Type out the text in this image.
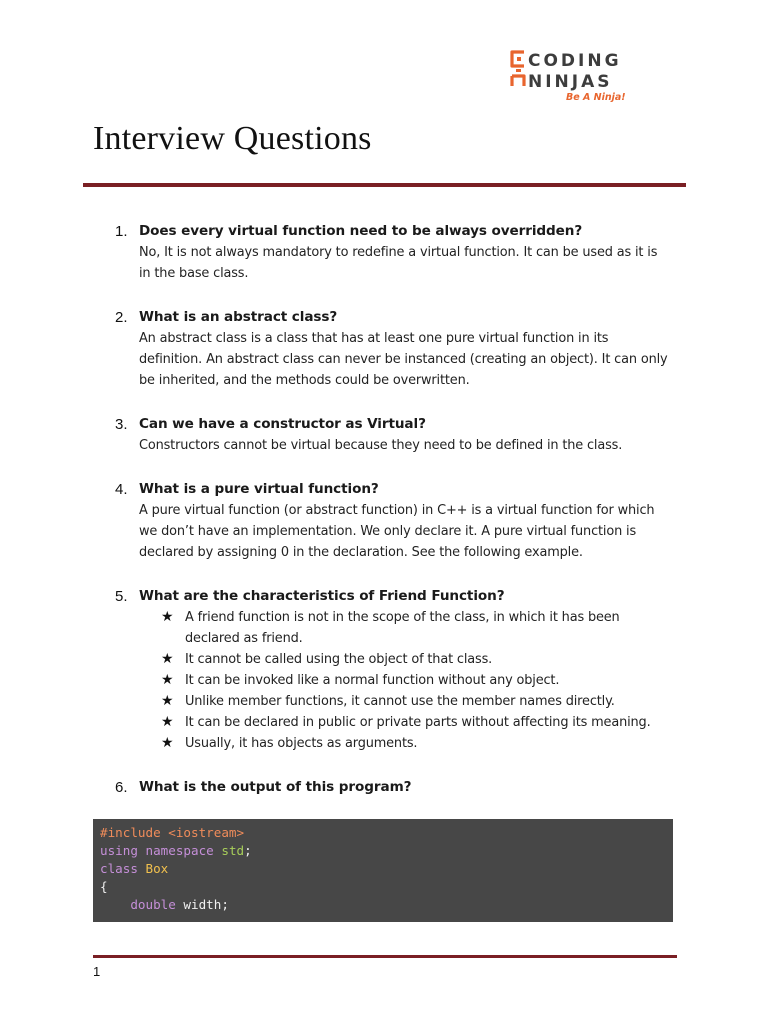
CODING
NINJAS
Be A Ninja!
Interview Questions
1. Does every virtual function need to be always overridden?
No, It is not always mandatory to redefine a virtual function. It can be used as it is in the base class.
2. What is an abstract class?
An abstract class is a class that has at least one pure virtual function in its definition. An abstract class can never be instanced (creating an object). It can only be inherited, and the methods could be overwritten.
3. Can we have a constructor as Virtual?
Constructors cannot be virtual because they need to be defined in the class.
4. What is a pure virtual function?
A pure virtual function (or abstract function) in C++ is a virtual function for which we don’t have an implementation. We only declare it. A pure virtual function is declared by assigning 0 in the declaration. See the following example.
5. What are the characteristics of Friend Function?
★ A friend function is not in the scope of the class, in which it has been declared as friend.
★ It cannot be called using the object of that class.
★ It can be invoked like a normal function without any object.
★ Unlike member functions, it cannot use the member names directly.
★ It can be declared in public or private parts without affecting its meaning.
★ Usually, it has objects as arguments.
6. What is the output of this program?
#include <iostream>
using namespace std;
class Box
{
double width;
1
